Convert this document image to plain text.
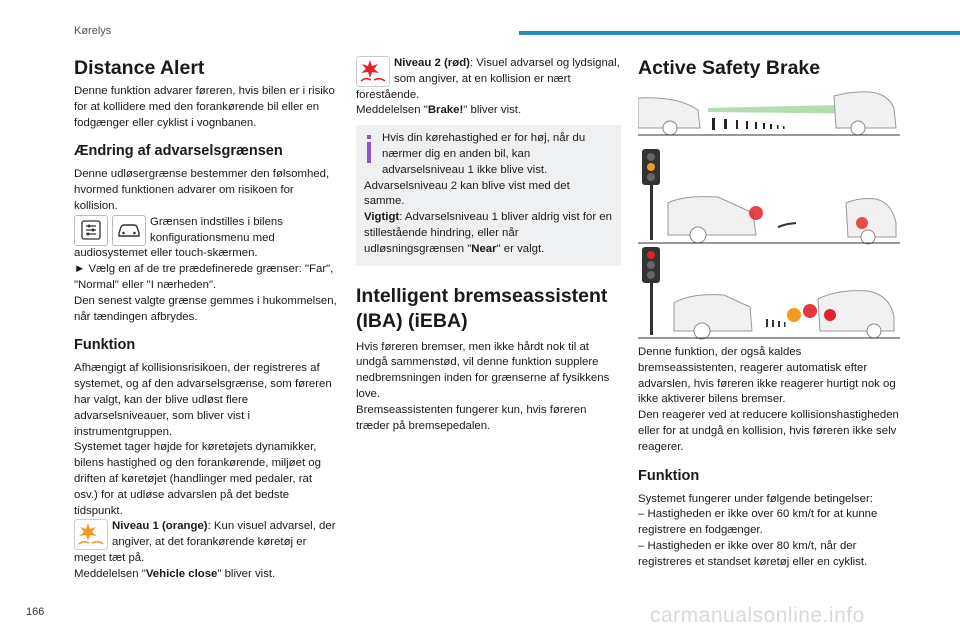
Kørelys
Distance Alert
Denne funktion advarer føreren, hvis bilen er i risiko for at kollidere med den forankørende bil eller en fodgænger eller cyklist i vognbanen.
Ændring af advarselsgrænsen
Denne udløsergrænse bestemmer den følsomhed, hvormed funktionen advarer om risikoen for kollision.
Grænsen indstilles i bilens konfigurationsmenu med audiosystemet eller touch-skærmen.
► Vælg en af de tre prædefinerede grænser: "Far", "Normal" eller "I nærheden".
Den senest valgte grænse gemmes i hukommelsen, når tændingen afbrydes.
Funktion
Afhængigt af kollisionsrisikoen, der registreres af systemet, og af den advarselsgrænse, som føreren har valgt, kan der blive udløst flere advarselsniveauer, som bliver vist i instrumentgruppen.
Systemet tager højde for køretøjets dynamikker, bilens hastighed og den forankørende, miljøet og driften af køretøjet (handlinger med pedaler, rat osv.) for at udløse advarslen på det bedste tidspunkt.
Niveau 1 (orange): Kun visuel advarsel, der angiver, at det forankørende køretøj er meget tæt på.
Meddelelsen "Vehicle close" bliver vist.
Niveau 2 (rød): Visuel advarsel og lydsignal, som angiver, at en kollision er nært forestående.
Meddelelsen "Brake!" bliver vist.
Hvis din kørehastighed er for høj, når du nærmer dig en anden bil, kan advarselsniveau 1 ikke blive vist.
Advarselsniveau 2 kan blive vist med det samme.
Vigtigt: Advarselsniveau 1 bliver aldrig vist for en stillestående hindring, eller når udløsningsgrænsen "Near" er valgt.
Intelligent bremseassistent (IBA) (iEBA)
Hvis føreren bremser, men ikke hårdt nok til at undgå sammenstød, vil denne funktion supplere nedbremsningen inden for grænserne af fysikkens love.
Bremseassistenten fungerer kun, hvis føreren træder på bremsepedalen.
Active Safety Brake
Denne funktion, der også kaldes bremseassistenten, reagerer automatisk efter advarslen, hvis føreren ikke reagerer hurtigt nok og ikke aktiverer bilens bremser.
Den reagerer ved at reducere kollisionshastigheden eller for at undgå en kollision, hvis føreren ikke selv reagerer.
Funktion
Systemet fungerer under følgende betingelser:
– Hastigheden er ikke over 60 km/t for at kunne registrere en fodgænger.
– Hastigheden er ikke over 80 km/t, når der registreres et standset køretøj eller en cyklist.
166	carmanualsonline.info
